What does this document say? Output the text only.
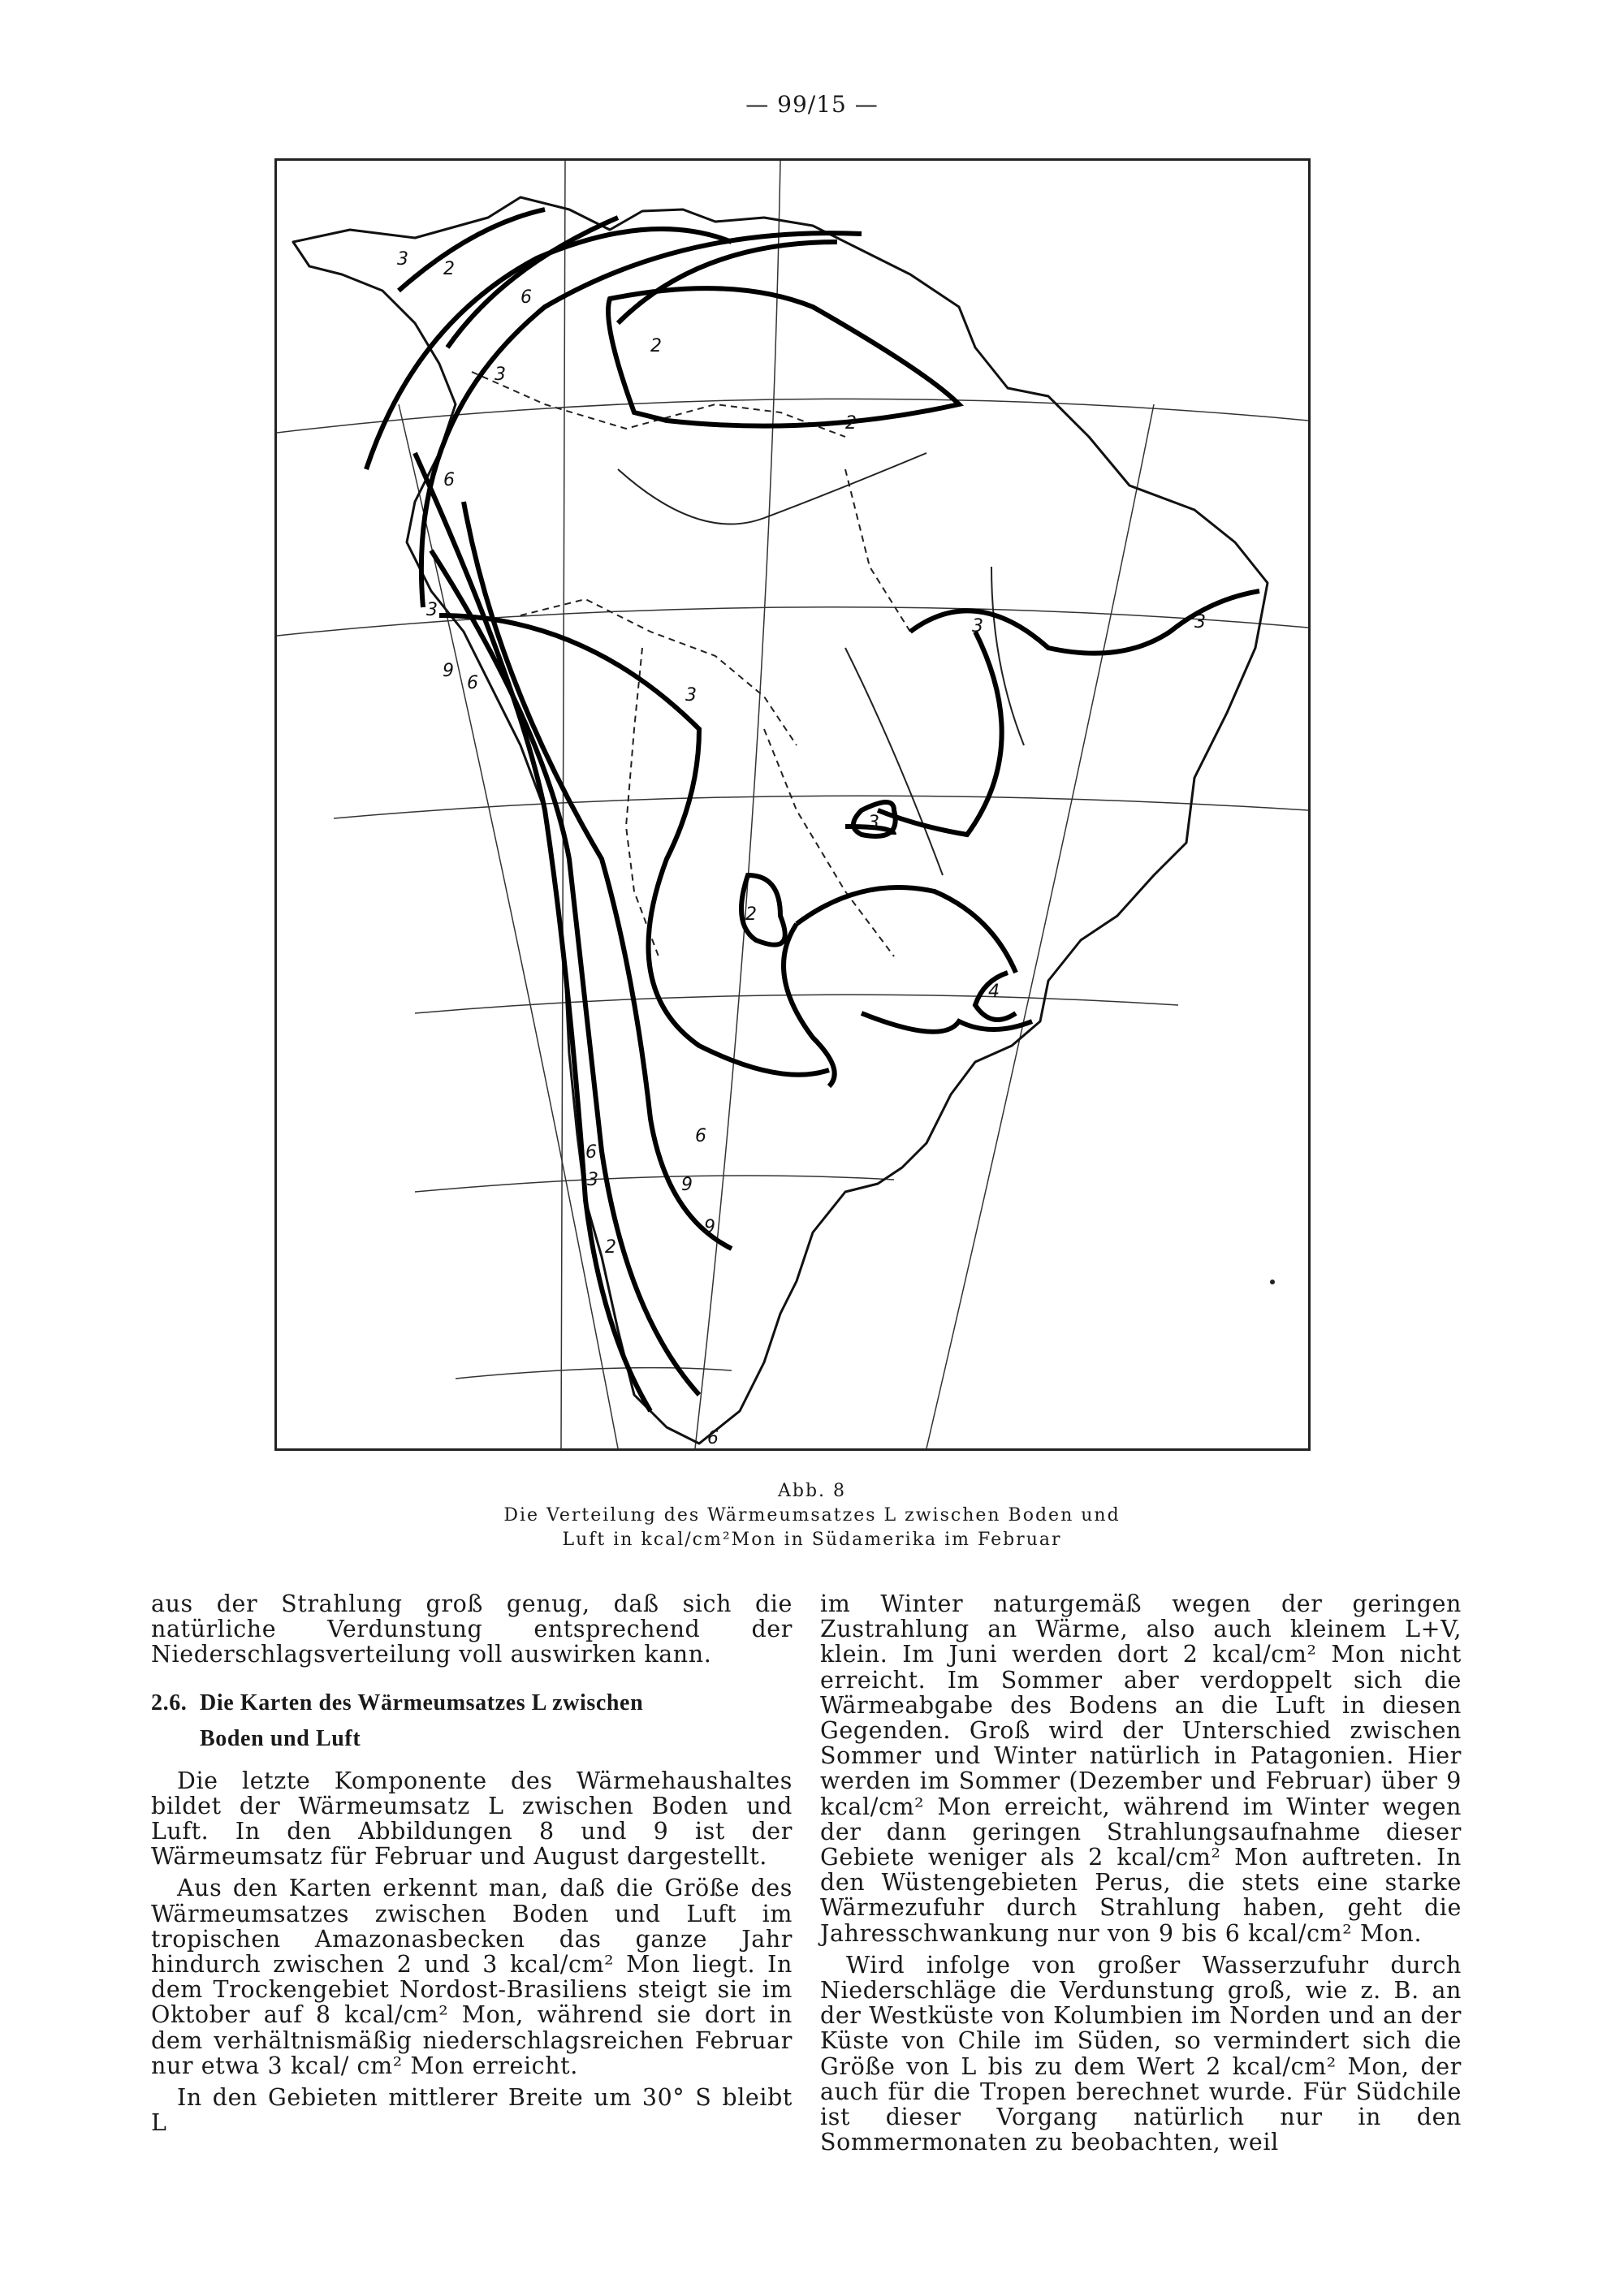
— 99/15 —
3 2
6
3
2
2
6
3
3
9
6
3	3
2
4
3
6
9
9
6
3
2
6
Abb. 8
Die Verteilung des Wärmeumsatzes L zwischen Boden und
Luft in kcal/cm²Mon in Südamerika im Februar

aus der Strahlung groß genug, daß sich die natürliche Verdunstung entsprechend der Niederschlagsverteilung voll auswirken kann.

2.6. Die Karten des Wärmeumsatzes L zwischen
Boden und Luft

Die letzte Komponente des Wärmehaushaltes bildet der Wärmeumsatz L zwischen Boden und Luft. In den Abbildungen 8 und 9 ist der Wärmeumsatz für Februar und August dargestellt.

Aus den Karten erkennt man, daß die Größe des Wärmeumsatzes zwischen Boden und Luft im tropischen Amazonasbecken das ganze Jahr hindurch zwischen 2 und 3 kcal/cm² Mon liegt. In dem Trockengebiet Nordost-Brasiliens steigt sie im Oktober auf 8 kcal/cm² Mon, während sie dort in dem verhältnismäßig niederschlagsreichen Februar nur etwa 3 kcal/ cm² Mon erreicht.

In den Gebieten mittlerer Breite um 30° S bleibt L

im Winter naturgemäß wegen der geringen Zustrahlung an Wärme, also auch kleinem L+V, klein. Im Juni werden dort 2 kcal/cm² Mon nicht erreicht. Im Sommer aber verdoppelt sich die Wärmeabgabe des Bodens an die Luft in diesen Gegenden. Groß wird der Unterschied zwischen Sommer und Winter natürlich in Patagonien. Hier werden im Sommer (Dezember und Februar) über 9 kcal/cm² Mon erreicht, während im Winter wegen der dann geringen Strahlungsaufnahme dieser Gebiete weniger als 2 kcal/cm² Mon auftreten. In den Wüstengebieten Perus, die stets eine starke Wärmezufuhr durch Strahlung haben, geht die Jahresschwankung nur von 9 bis 6 kcal/cm² Mon.

Wird infolge von großer Wasserzufuhr durch Niederschläge die Verdunstung groß, wie z. B. an der Westküste von Kolumbien im Norden und an der Küste von Chile im Süden, so vermindert sich die Größe von L bis zu dem Wert 2 kcal/cm² Mon, der auch für die Tropen berechnet wurde. Für Südchile ist dieser Vorgang natürlich nur in den Sommermonaten zu beobachten, weil
